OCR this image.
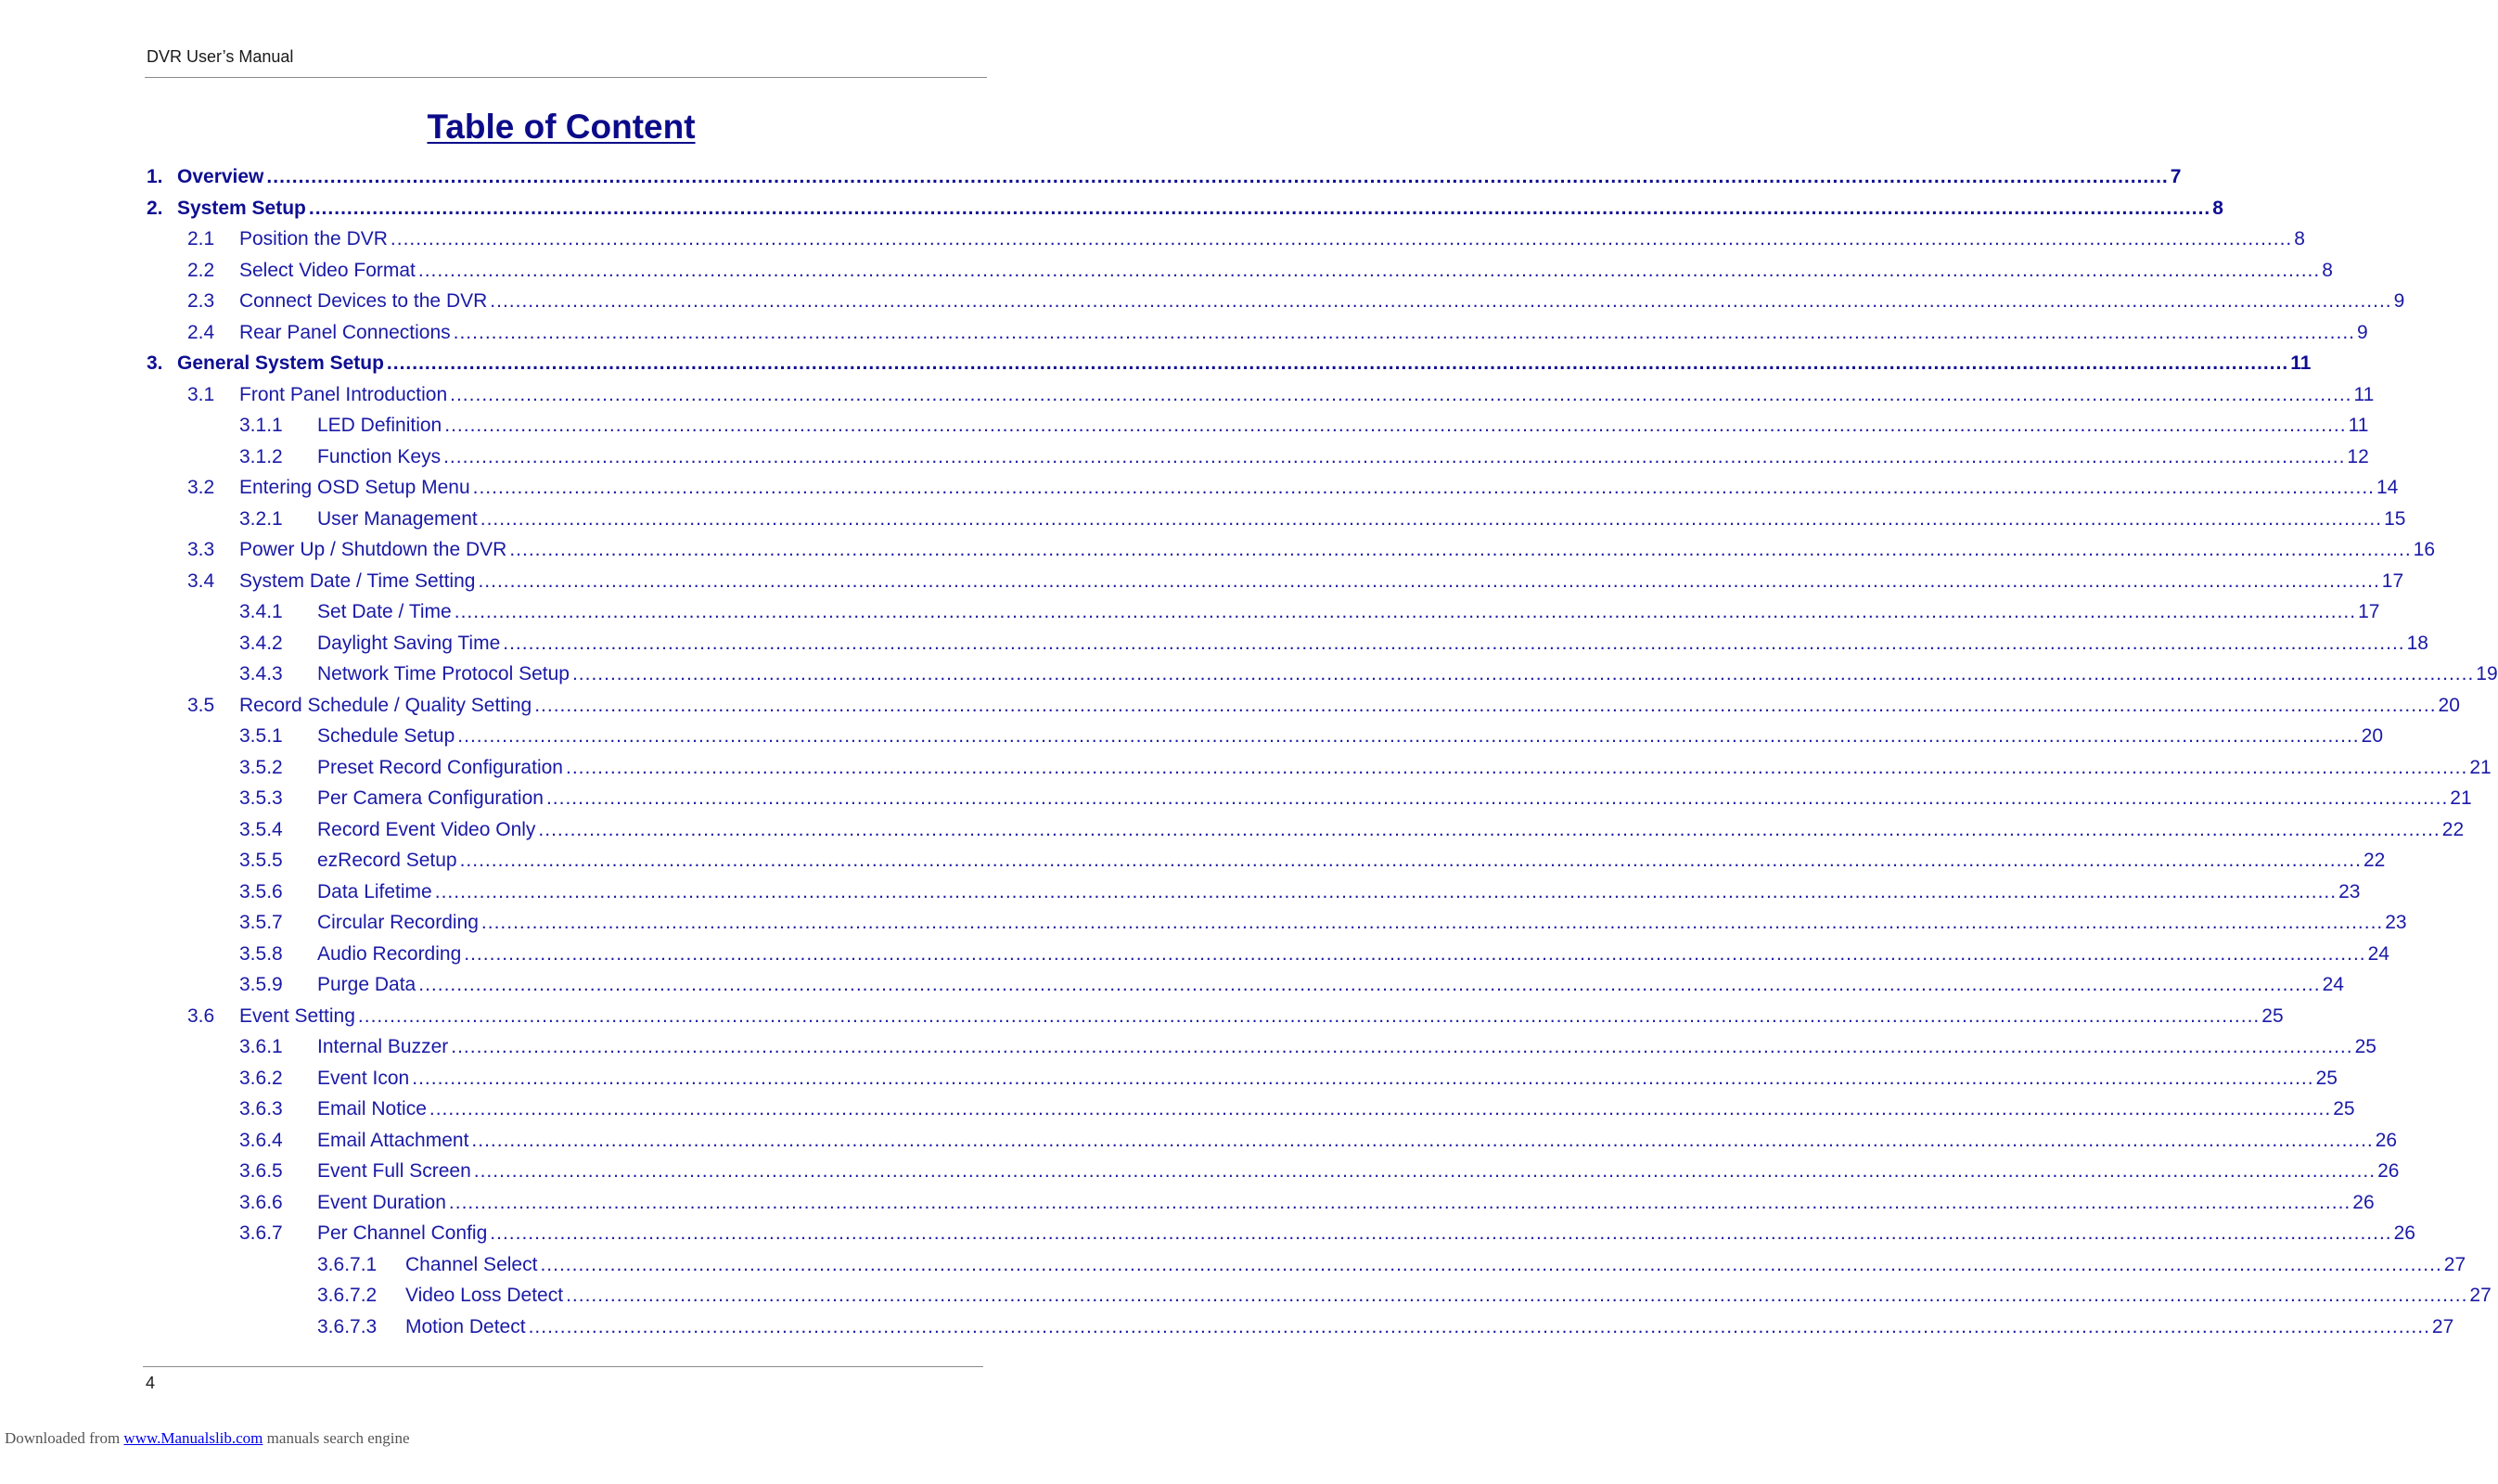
DVR User’s Manual
Table of Content
1. Overview ............................................................................................................................................................................................................................................................................................................ 7
2. System Setup ............................................................................................................................................................................................................................................................................................................ 8
2.1	Position the DVR ............................................................................................................................................................................................................................................................................................................ 8
2.2	Select Video Format ............................................................................................................................................................................................................................................................................................................ 8
2.3	Connect Devices to the DVR ............................................................................................................................................................................................................................................................................................................ 9
2.4	Rear Panel Connections ............................................................................................................................................................................................................................................................................................................ 9
3. General System Setup ............................................................................................................................................................................................................................................................................................................ 11
3.1	Front Panel Introduction ............................................................................................................................................................................................................................................................................................................ 11
3.1.1	LED Definition ............................................................................................................................................................................................................................................................................................................ 11
3.1.2	Function Keys ............................................................................................................................................................................................................................................................................................................ 12
3.2	Entering OSD Setup Menu ............................................................................................................................................................................................................................................................................................................ 14
3.2.1	User Management ............................................................................................................................................................................................................................................................................................................ 15
3.3	Power Up / Shutdown the DVR ............................................................................................................................................................................................................................................................................................................ 16
3.4	System Date / Time Setting ............................................................................................................................................................................................................................................................................................................ 17
3.4.1	Set Date / Time ............................................................................................................................................................................................................................................................................................................ 17
3.4.2	Daylight Saving Time ............................................................................................................................................................................................................................................................................................................ 18
3.4.3	Network Time Protocol Setup ............................................................................................................................................................................................................................................................................................................ 19
3.5	Record Schedule / Quality Setting ............................................................................................................................................................................................................................................................................................................ 20
3.5.1	Schedule Setup ............................................................................................................................................................................................................................................................................................................ 20
3.5.2	Preset Record Configuration ............................................................................................................................................................................................................................................................................................................ 21
3.5.3	Per Camera Configuration ............................................................................................................................................................................................................................................................................................................ 21
3.5.4	Record Event Video Only ............................................................................................................................................................................................................................................................................................................ 22
3.5.5	ezRecord Setup ............................................................................................................................................................................................................................................................................................................ 22
3.5.6	Data Lifetime ............................................................................................................................................................................................................................................................................................................ 23
3.5.7	Circular Recording ............................................................................................................................................................................................................................................................................................................ 23
3.5.8	Audio Recording ............................................................................................................................................................................................................................................................................................................ 24
3.5.9	Purge Data ............................................................................................................................................................................................................................................................................................................ 24
3.6	Event Setting ............................................................................................................................................................................................................................................................................................................ 25
3.6.1	Internal Buzzer ............................................................................................................................................................................................................................................................................................................ 25
3.6.2	Event Icon ............................................................................................................................................................................................................................................................................................................ 25
3.6.3	Email Notice ............................................................................................................................................................................................................................................................................................................ 25
3.6.4	Email Attachment ............................................................................................................................................................................................................................................................................................................ 26
3.6.5	Event Full Screen ............................................................................................................................................................................................................................................................................................................ 26
3.6.6	Event Duration ............................................................................................................................................................................................................................................................................................................ 26
3.6.7	Per Channel Config ............................................................................................................................................................................................................................................................................................................ 26
3.6.7.1	Channel Select ............................................................................................................................................................................................................................................................................................................ 27
3.6.7.2	Video Loss Detect ............................................................................................................................................................................................................................................................................................................ 27
3.6.7.3	Motion Detect ............................................................................................................................................................................................................................................................................................................ 27
4
Downloaded from www.Manualslib.com manuals search engine
